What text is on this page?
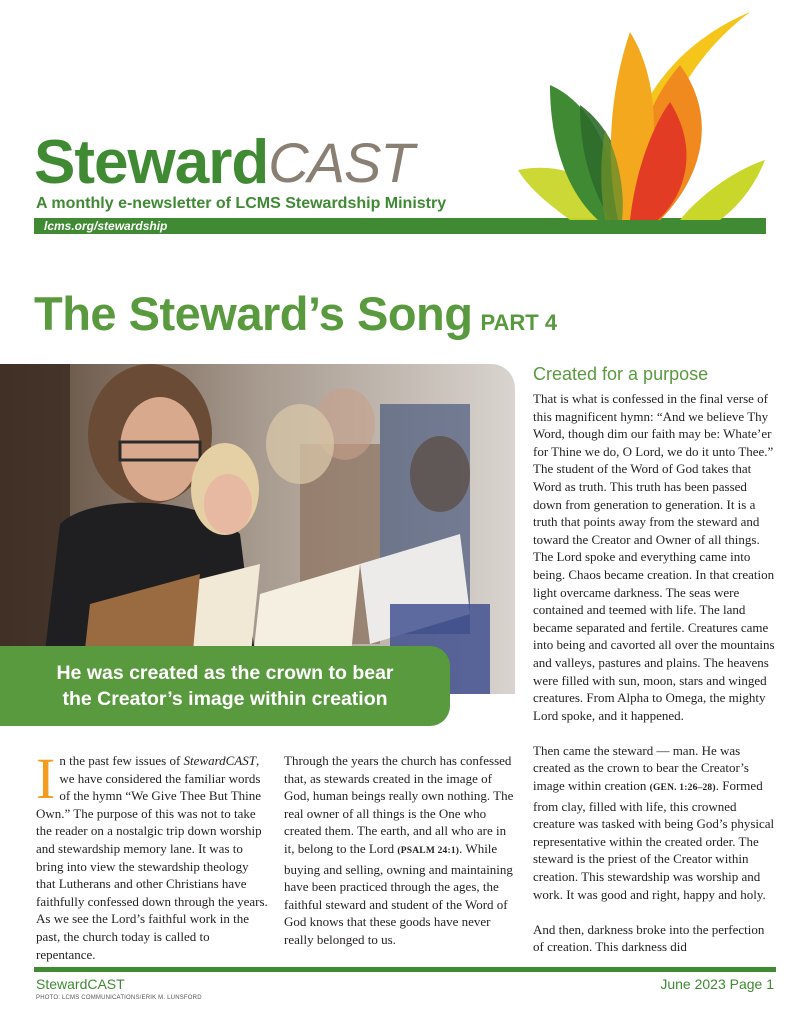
Steward CAST
A monthly e-newsletter of LCMS Stewardship Ministry
lcms.org/stewardship
The Steward’s Song PART 4
He was created as the crown to bear
the Creator’s image within creation

In the past few issues of StewardCAST, we have considered the familiar words of the hymn “We Give Thee But Thine Own.” The purpose of this was not to take the reader on a nostalgic trip down worship and stewardship memory lane. It was to bring into view the stewardship theology that Lutherans and other Christians have faithfully confessed down through the years. As we see the Lord’s faithful work in the past, the church today is called to repentance.

Through the years the church has confessed that, as stewards created in the image of God, human beings really own nothing. The real owner of all things is the One who created them. The earth, and all who are in it, belong to the Lord (PSALM 24:1). While buying and selling, owning and maintaining have been practiced through the ages, the faithful steward and student of the Word of God knows that these goods have never really belonged to us.

Created for a purpose

That is what is confessed in the final verse of this magnificent hymn: “And we believe Thy Word, though dim our faith may be: Whate’er for Thine we do, O Lord, we do it unto Thee.” The student of the Word of God takes that Word as truth. This truth has been passed down from generation to generation. It is a truth that points away from the steward and toward the Creator and Owner of all things. The Lord spoke and everything came into being. Chaos became creation. In that creation light overcame darkness. The seas were contained and teemed with life. The land became separated and fertile. Creatures came into being and cavorted all over the mountains and valleys, pastures and plains. The heavens were filled with sun, moon, stars and winged creatures. From Alpha to Omega, the mighty Lord spoke, and it happened.

Then came the steward — man. He was created as the crown to bear the Creator’s image within creation (GEN. 1:26–28). Formed from clay, filled with life, this crowned creature was tasked with being God’s physical representative within the created order. The steward is the priest of the Creator within creation. This stewardship was worship and work. It was good and right, happy and holy.

And then, darkness broke into the perfection of creation. This darkness did

StewardCAST
PHOTO: LCMS COMMUNICATIONS/ERIK M. LUNSFORD
June 2023 Page 1
